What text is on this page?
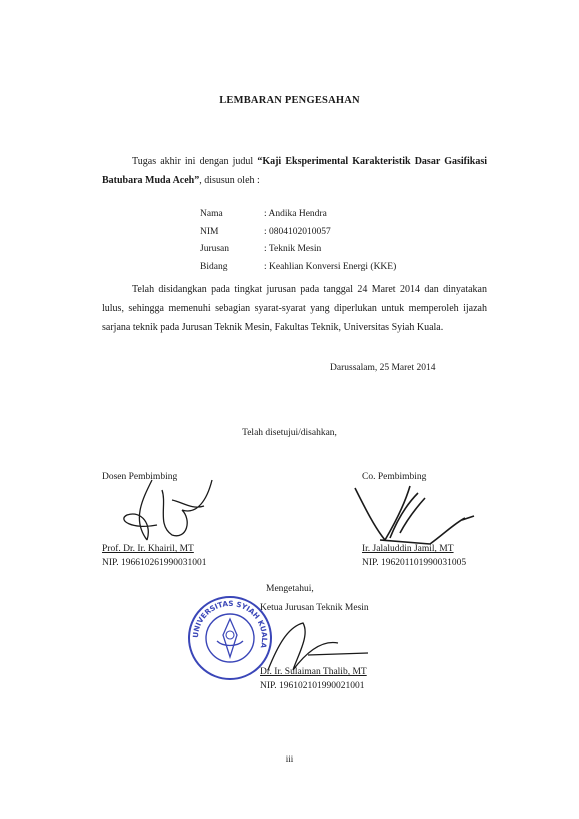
LEMBARAN PENGESAHAN
Tugas akhir ini dengan judul “Kaji Eksperimental Karakteristik Dasar Gasifikasi Batubara Muda Aceh”, disusun oleh :
Nama	: Andika Hendra
NIM	: 0804102010057
Jurusan	: Teknik Mesin
Bidang	: Keahlian Konversi Energi (KKE)
Telah disidangkan pada tingkat jurusan pada tanggal 24 Maret 2014 dan dinyatakan lulus, sehingga memenuhi sebagian syarat-syarat yang diperlukan untuk memperoleh ijazah sarjana teknik pada Jurusan Teknik Mesin, Fakultas Teknik, Universitas Syiah Kuala.
Darussalam, 25 Maret 2014
Telah disetujui/disahkan,
Dosen Pembimbing
Prof. Dr. Ir. Khairil, MT
NIP. 196610261990031001
Co. Pembimbing
Ir. Jalaluddin Jamil, MT
NIP. 196201101990031005
Mengetahui,
Ketua Jurusan Teknik Mesin
UNIVERSITAS SYIAH KUALA
Dr. Ir. Sulaiman Thalib, MT
NIP. 196102101990021001
iii
